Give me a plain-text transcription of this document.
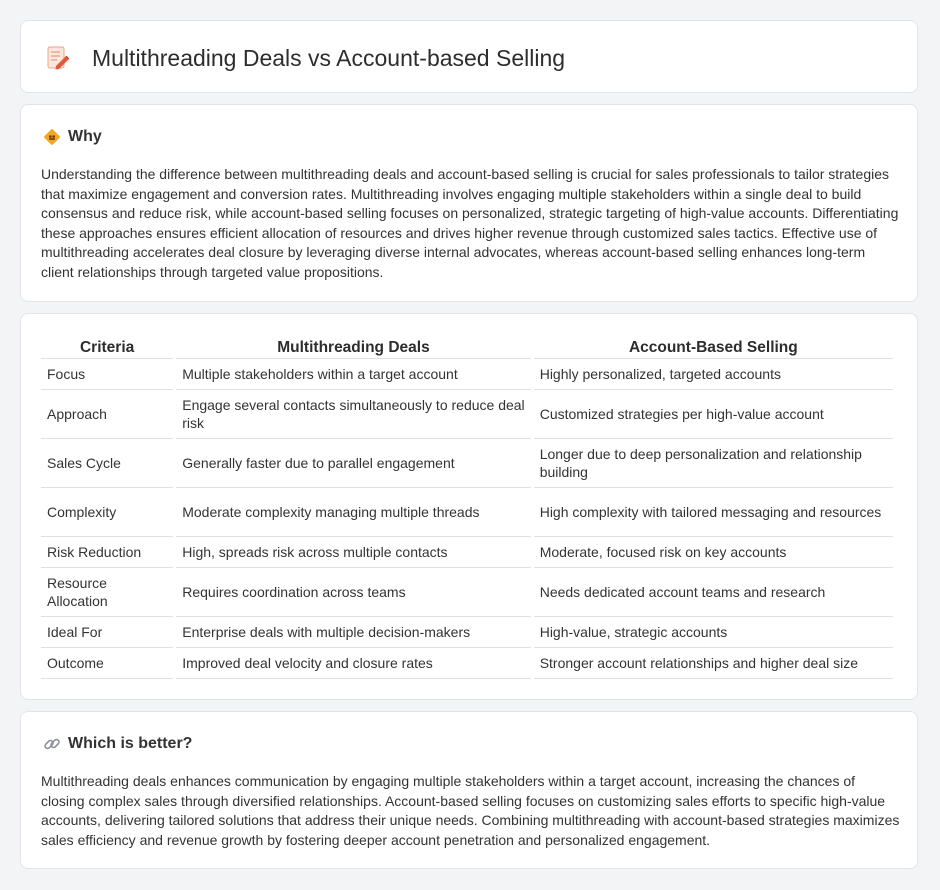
Multithreading Deals vs Account-based Selling
Why

Understanding the difference between multithreading deals and account-based selling is crucial for sales professionals to tailor strategies that maximize engagement and conversion rates. Multithreading involves engaging multiple stakeholders within a single deal to build consensus and reduce risk, while account-based selling focuses on personalized, strategic targeting of high-value accounts. Differentiating these approaches ensures efficient allocation of resources and drives higher revenue through customized sales tactics. Effective use of multithreading accelerates deal closure by leveraging diverse internal advocates, whereas account-based selling enhances long-term client relationships through targeted value propositions.

Criteria	Multithreading Deals	Account-Based Selling
Focus	Multiple stakeholders within a target account	Highly personalized, targeted accounts
Approach	Engage several contacts simultaneously to reduce deal risk	Customized strategies per high-value account
Sales Cycle	Generally faster due to parallel engagement	Longer due to deep personalization and relationship building
Complexity	Moderate complexity managing multiple threads	High complexity with tailored messaging and resources
Risk Reduction	High, spreads risk across multiple contacts	Moderate, focused risk on key accounts
Resource Allocation	Requires coordination across teams	Needs dedicated account teams and research
Ideal For	Enterprise deals with multiple decision-makers	High-value, strategic accounts
Outcome	Improved deal velocity and closure rates	Stronger account relationships and higher deal size
Which is better?

Multithreading deals enhances communication by engaging multiple stakeholders within a target account, increasing the chances of closing complex sales through diversified relationships. Account-based selling focuses on customizing sales efforts to specific high-value accounts, delivering tailored solutions that address their unique needs. Combining multithreading with account-based strategies maximizes sales efficiency and revenue growth by fostering deeper account penetration and personalized engagement.
